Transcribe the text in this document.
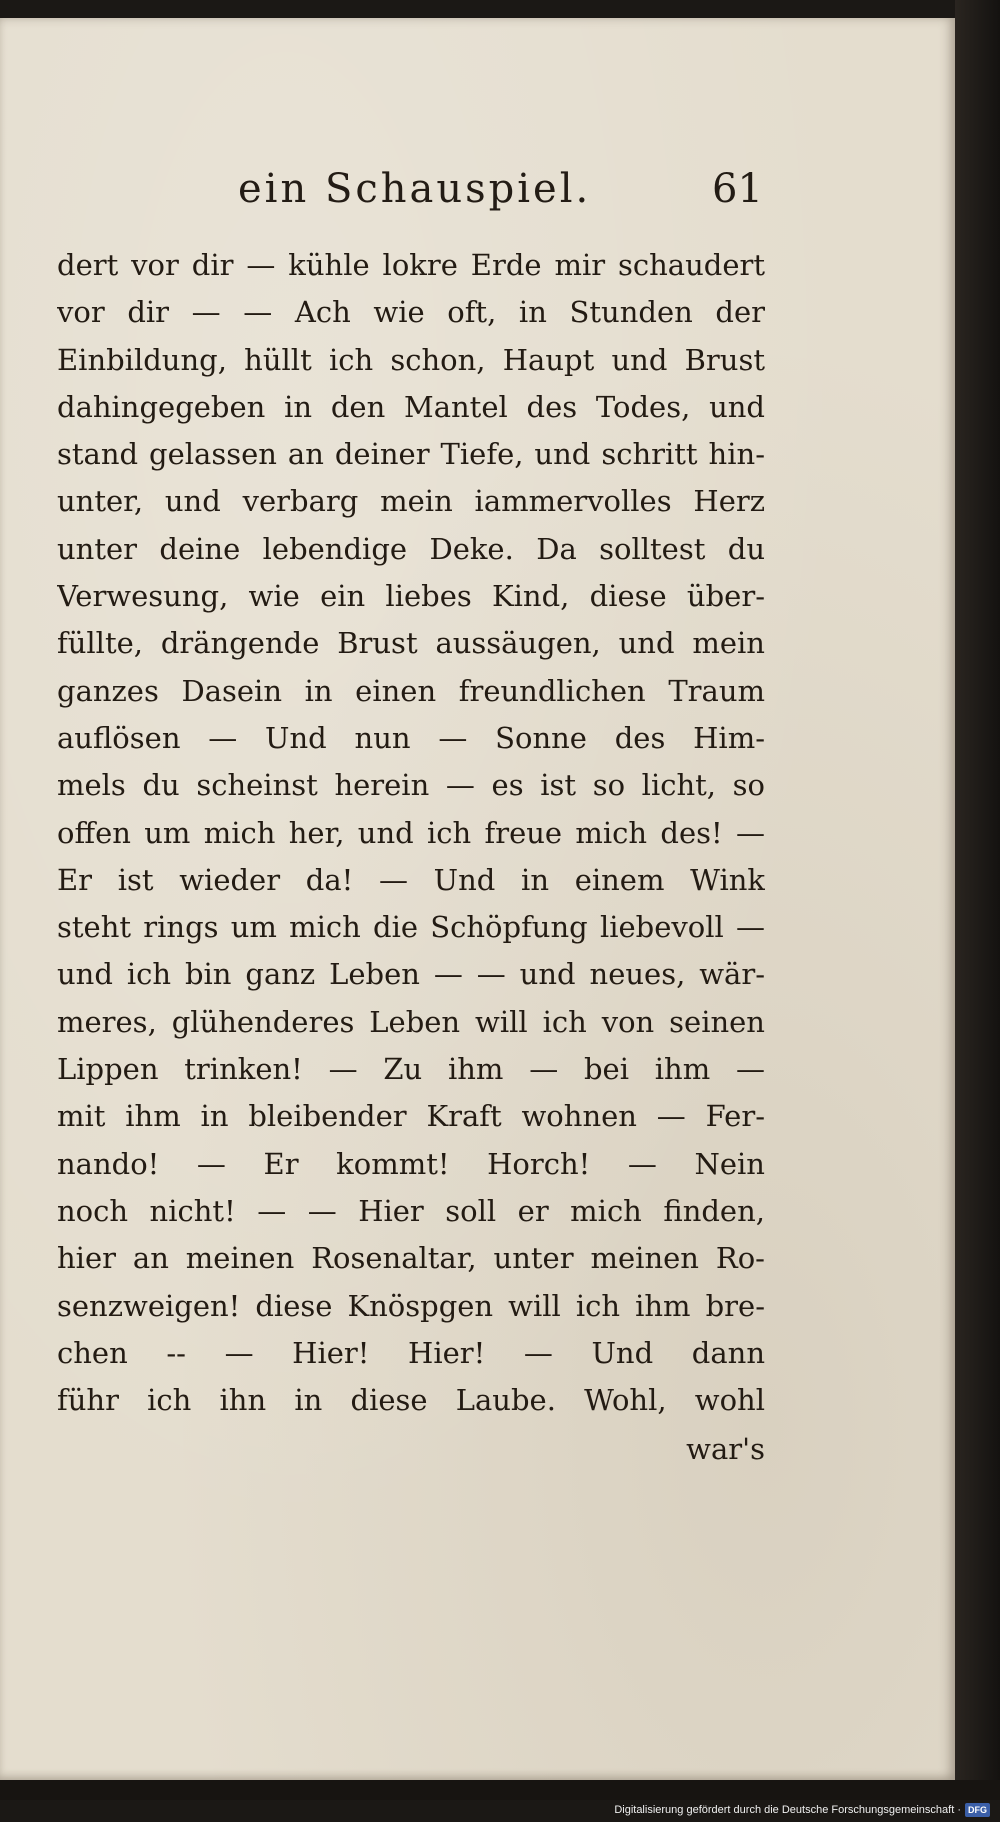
ein Schauspiel.	61
dert vor dir — kühle lokre Erde mir schaudert
vor dir — — Ach wie oft, in Stunden der
Einbildung, hüllt ich schon, Haupt und Brust
dahingegeben in den Mantel des Todes, und
stand gelassen an deiner Tiefe, und schritt hin-
unter, und verbarg mein iammervolles Herz
unter deine lebendige Deke. Da solltest du
Verwesung, wie ein liebes Kind, diese über-
füllte, drängende Brust aussäugen, und mein
ganzes Dasein in einen freundlichen Traum
auflösen — Und nun — Sonne des Him-
mels du scheinst herein — es ist so licht, so
offen um mich her, und ich freue mich des! —
Er ist wieder da! — Und in einem Wink
steht rings um mich die Schöpfung liebevoll —
und ich bin ganz Leben — — und neues, wär-
meres, glühenderes Leben will ich von seinen
Lippen trinken! — Zu ihm — bei ihm —
mit ihm in bleibender Kraft wohnen — Fer-
nando! — Er kommt! Horch! — Nein
noch nicht! — — Hier soll er mich finden,
hier an meinen Rosenaltar, unter meinen Ro-
senzweigen! diese Knöspgen will ich ihm bre-
chen -- — Hier! Hier! — Und dann
führ ich ihn in diese Laube. Wohl, wohl
war's
Digitalisierung gefördert durch die Deutsche Forschungsgemeinschaft · DFG
